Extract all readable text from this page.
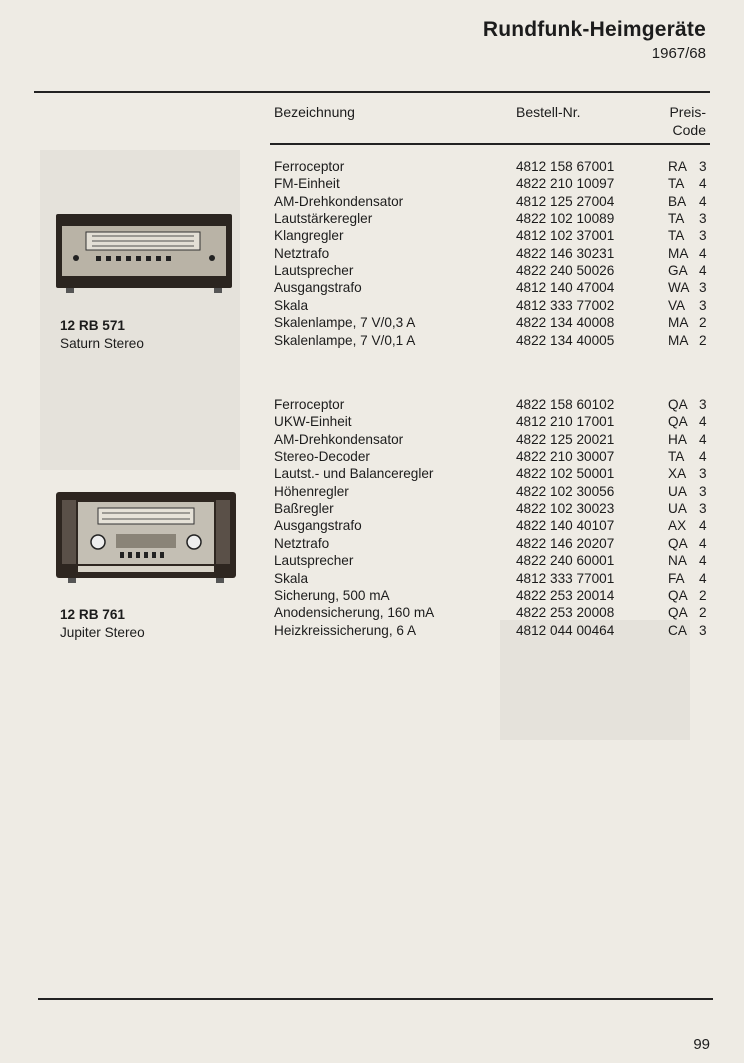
Rundfunk-Heimgeräte
1967/68
Bezeichnung	Bestell-Nr.	Preis-
Code
12 RB 571
Saturn Stereo
12 RB 761
Jupiter Stereo
Ferroceptor	4812 158 67001	RA 3
FM-Einheit	4822 210 10097	TA 4
AM-Drehkondensator	4812 125 27004	BA 4
Lautstärkeregler	4822 102 10089	TA 3
Klangregler	4812 102 37001	TA 3
Netztrafo	4822 146 30231	MA 4
Lautsprecher	4822 240 50026	GA 4
Ausgangstrafo	4812 140 47004	WA 3
Skala	4812 333 77002	VA 3
Skalenlampe, 7 V/0,3 A	4822 134 40008	MA 2
Skalenlampe, 7 V/0,1 A	4822 134 40005	MA 2
Ferroceptor	4822 158 60102	QA 3
UKW-Einheit	4812 210 17001	QA 4
AM-Drehkondensator	4822 125 20021	HA 4
Stereo-Decoder	4822 210 30007	TA 4
Lautst.- und Balanceregler	4822 102 50001	XA 3
Höhenregler	4822 102 30056	UA 3
Baßregler	4822 102 30023	UA 3
Ausgangstrafo	4822 140 40107	AX 4
Netztrafo	4822 146 20207	QA 4
Lautsprecher	4822 240 60001	NA 4
Skala	4812 333 77001	FA 4
Sicherung, 500 mA	4822 253 20014	QA 2
Anodensicherung, 160 mA	4822 253 20008	QA 2
Heizkreissicherung, 6 A	4812 044 00464	CA 3
99
